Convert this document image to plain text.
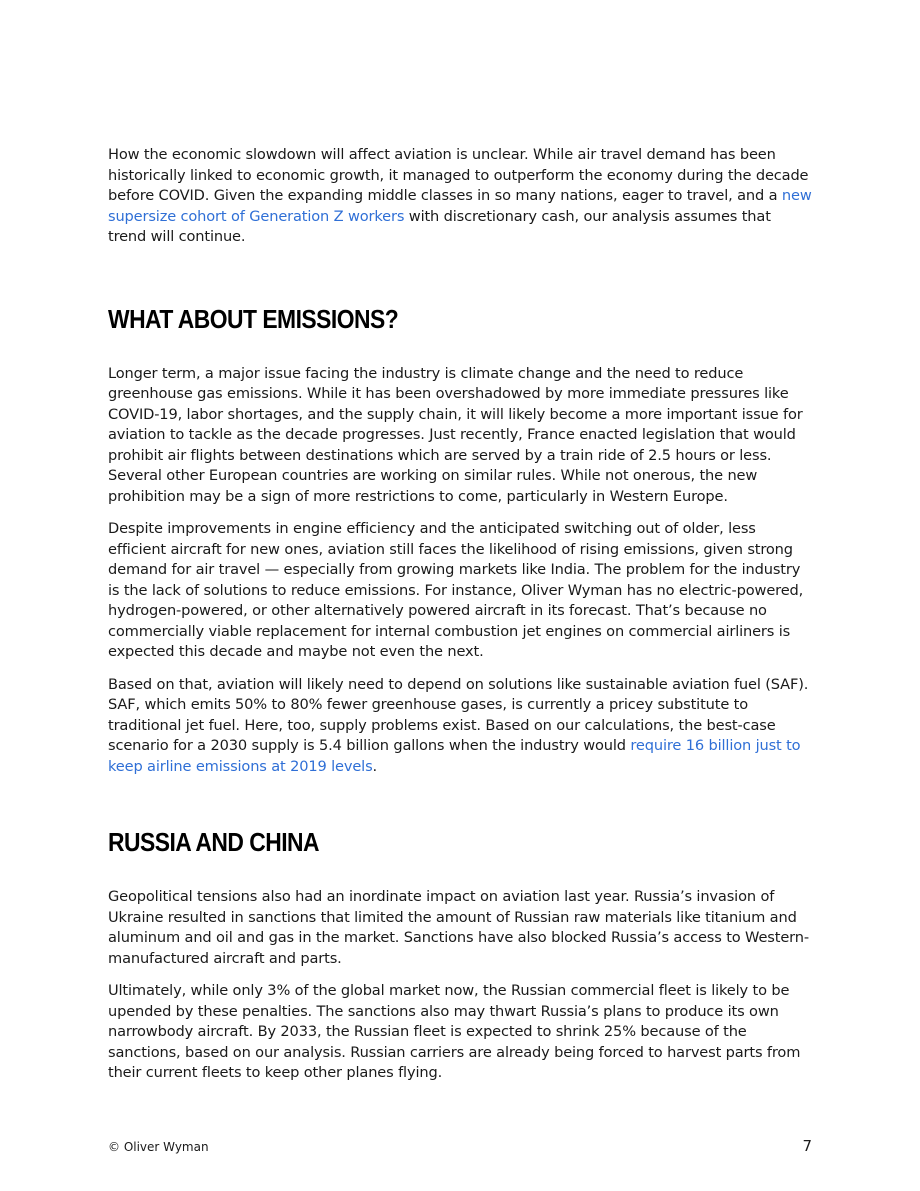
How the economic slowdown will affect aviation is unclear. While air travel demand has been historically linked to economic growth, it managed to outperform the economy during the decade before COVID. Given the expanding middle classes in so many nations, eager to travel, and a new supersize cohort of Generation Z workers with discretionary cash, our analysis assumes that trend will continue.

WHAT ABOUT EMISSIONS?

Longer term, a major issue facing the industry is climate change and the need to reduce greenhouse gas emissions. While it has been overshadowed by more immediate pressures like COVID-19, labor shortages, and the supply chain, it will likely become a more important issue for aviation to tackle as the decade progresses. Just recently, France enacted legislation that would prohibit air flights between destinations which are served by a train ride of 2.5 hours or less. Several other European countries are working on similar rules. While not onerous, the new prohibition may be a sign of more restrictions to come, particularly in Western Europe.

Despite improvements in engine efficiency and the anticipated switching out of older, less efficient aircraft for new ones, aviation still faces the likelihood of rising emissions, given strong demand for air travel — especially from growing markets like India. The problem for the industry is the lack of solutions to reduce emissions. For instance, Oliver Wyman has no electric-powered, hydrogen-powered, or other alternatively powered aircraft in its forecast. That’s because no commercially viable replacement for internal combustion jet engines on commercial airliners is expected this decade and maybe not even the next.

Based on that, aviation will likely need to depend on solutions like sustainable aviation fuel (SAF). SAF, which emits 50% to 80% fewer greenhouse gases, is currently a pricey substitute to traditional jet fuel. Here, too, supply problems exist. Based on our calculations, the best-case scenario for a 2030 supply is 5.4 billion gallons when the industry would require 16 billion just to keep airline emissions at 2019 levels.

RUSSIA AND CHINA

Geopolitical tensions also had an inordinate impact on aviation last year. Russia’s invasion of Ukraine resulted in sanctions that limited the amount of Russian raw materials like titanium and aluminum and oil and gas in the market. Sanctions have also blocked Russia’s access to Western-manufactured aircraft and parts.

Ultimately, while only 3% of the global market now, the Russian commercial fleet is likely to be upended by these penalties. The sanctions also may thwart Russia’s plans to produce its own narrowbody aircraft. By 2033, the Russian fleet is expected to shrink 25% because of the sanctions, based on our analysis. Russian carriers are already being forced to harvest parts from their current fleets to keep other planes flying.

© Oliver Wyman	7
